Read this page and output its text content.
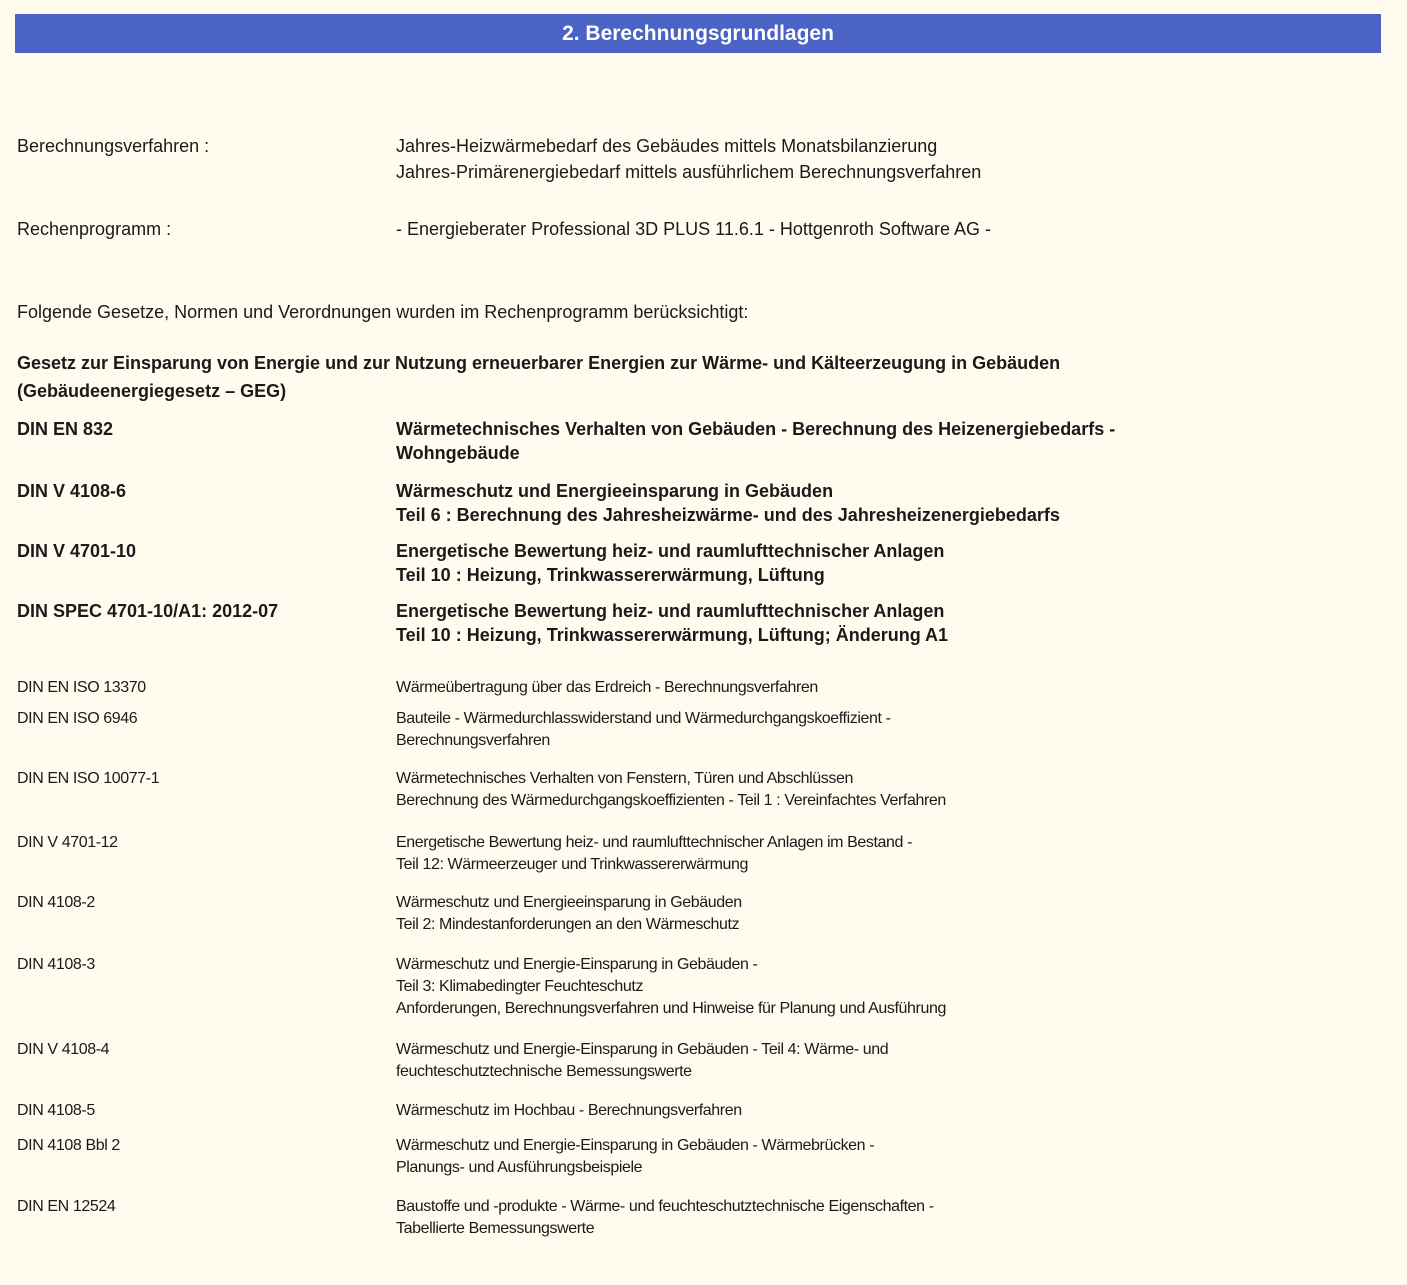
2. Berechnungsgrundlagen
Berechnungsverfahren :	Jahres-Heizwärmebedarf des Gebäudes mittels Monatsbilanzierung
Jahres-Primärenergiebedarf mittels ausführlichem Berechnungsverfahren
Rechenprogramm :	- Energieberater Professional 3D PLUS 11.6.1 - Hottgenroth Software AG -
Folgende Gesetze, Normen und Verordnungen wurden im Rechenprogramm berücksichtigt:
Gesetz zur Einsparung von Energie und zur Nutzung erneuerbarer Energien zur Wärme- und Kälteerzeugung in Gebäuden
(Gebäudeenergiegesetz – GEG)
DIN EN 832	Wärmetechnisches Verhalten von Gebäuden - Berechnung des Heizenergiebedarfs -
Wohngebäude
DIN V 4108-6	Wärmeschutz und Energieeinsparung in Gebäuden
Teil 6 : Berechnung des Jahresheizwärme- und des Jahresheizenergiebedarfs
DIN V 4701-10	Energetische Bewertung heiz- und raumlufttechnischer Anlagen
Teil 10 : Heizung, Trinkwassererwärmung, Lüftung
DIN SPEC 4701-10/A1: 2012-07	Energetische Bewertung heiz- und raumlufttechnischer Anlagen
Teil 10 : Heizung, Trinkwassererwärmung, Lüftung; Änderung A1
DIN EN ISO 13370	Wärmeübertragung über das Erdreich - Berechnungsverfahren
DIN EN ISO 6946	Bauteile - Wärmedurchlasswiderstand und Wärmedurchgangskoeffizient -
Berechnungsverfahren
DIN EN ISO 10077-1	Wärmetechnisches Verhalten von Fenstern, Türen und Abschlüssen
Berechnung des Wärmedurchgangskoeffizienten - Teil 1 : Vereinfachtes Verfahren
DIN V 4701-12	Energetische Bewertung heiz- und raumlufttechnischer Anlagen im Bestand -
Teil 12: Wärmeerzeuger und Trinkwassererwärmung
DIN 4108-2	Wärmeschutz und Energieeinsparung in Gebäuden
Teil 2: Mindestanforderungen an den Wärmeschutz
DIN 4108-3	Wärmeschutz und Energie-Einsparung in Gebäuden -
Teil 3: Klimabedingter Feuchteschutz
Anforderungen, Berechnungsverfahren und Hinweise für Planung und Ausführung
DIN V 4108-4	Wärmeschutz und Energie-Einsparung in Gebäuden - Teil 4: Wärme- und
feuchteschutztechnische Bemessungswerte
DIN 4108-5	Wärmeschutz im Hochbau - Berechnungsverfahren
DIN 4108 Bbl 2	Wärmeschutz und Energie-Einsparung in Gebäuden - Wärmebrücken -
Planungs- und Ausführungsbeispiele
DIN EN 12524	Baustoffe und -produkte - Wärme- und feuchteschutztechnische Eigenschaften -
Tabellierte Bemessungswerte
